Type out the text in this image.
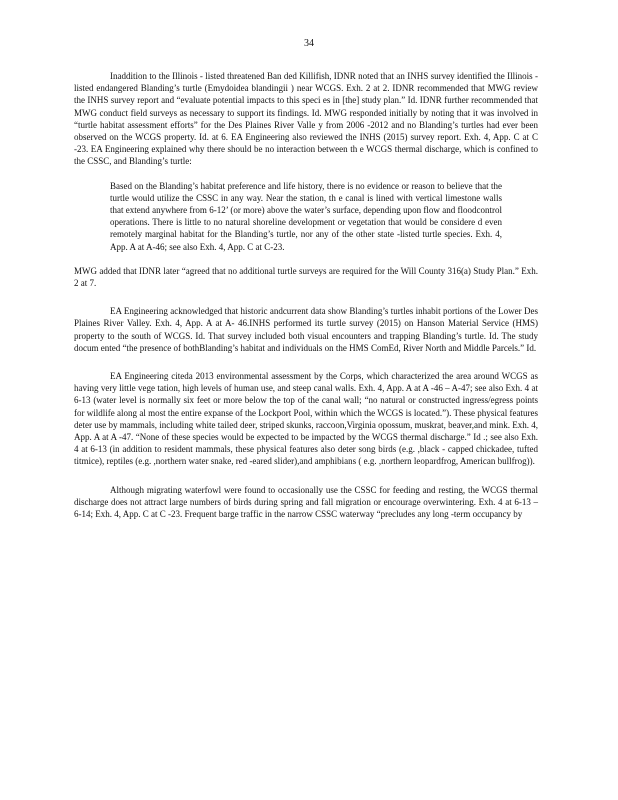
34

Inaddition to the Illinois - listed threatened Ban ded Killifish, IDNR noted that an INHS survey identified the Illinois -listed endangered Blanding’s turtle (Emydoidea blandingii ) near WCGS. Exh. 2 at 2. IDNR recommended that MWG review the INHS survey report and “evaluate potential impacts to this speci es in [the] study plan.” Id. IDNR further recommended that MWG conduct field surveys as necessary to support its findings. Id. MWG responded initially by noting that it was involved in “turtle habitat assessment efforts” for the Des Plaines River Valle y from 2006 -2012 and no Blanding’s turtles had ever been observed on the WCGS property. Id. at 6. EA Engineering also reviewed the INHS (2015) survey report. Exh. 4, App. C at C -23. EA Engineering explained why there should be no interaction between th e WCGS thermal discharge, which is confined to the CSSC, and Blanding’s turtle:

Based on the Blanding’s habitat preference and life history, there is no evidence or reason to believe that the turtle would utilize the CSSC in any way. Near the station, th e canal is lined with vertical limestone walls that extend anywhere from 6-12’ (or more) above the water’s surface, depending upon flow and floodcontrol operations. There is little to no natural shoreline development or vegetation that would be considere d even remotely marginal habitat for the Blanding’s turtle, nor any of the other state -listed turtle species. Exh. 4, App. A at A-46; see also Exh. 4, App. C at C-23.

MWG added that IDNR later “agreed that no additional turtle surveys are required for the Will County 316(a) Study Plan.” Exh. 2 at 7.

EA Engineering acknowledged that historic andcurrent data show Blanding’s turtles inhabit portions of the Lower Des Plaines River Valley. Exh. 4, App. A at A- 46.INHS performed its turtle survey (2015) on Hanson Material Service (HMS) property to the south of WCGS. Id. That survey included both visual encounters and trapping Blanding’s turtle. Id. The study docum ented “the presence of bothBlanding’s habitat and individuals on the HMS ComEd, River North and Middle Parcels.” Id.

EA Engineering citeda 2013 environmental assessment by the Corps, which characterized the area around WCGS as having very little vege tation, high levels of human use, and steep canal walls. Exh. 4, App. A at A -46 – A-47; see also Exh. 4 at 6-13 (water level is normally six feet or more below the top of the canal wall; “no natural or constructed ingress/egress points for wildlife along al most the entire expanse of the Lockport Pool, within which the WCGS is located.”). These physical features deter use by mammals, including white tailed deer, striped skunks, raccoon,Virginia opossum, muskrat, beaver,and mink. Exh. 4, App. A at A -47. “None of these species would be expected to be impacted by the WCGS thermal discharge.” Id .; see also Exh. 4 at 6-13 (in addition to resident mammals, these physical features also deter song birds (e.g. ,black - capped chickadee, tufted titmice), reptiles (e.g. ,northern water snake, red -eared slider),and amphibians ( e.g. ,northern leopardfrog, American bullfrog)).

Although migrating waterfowl were found to occasionally use the CSSC for feeding and resting, the WCGS thermal discharge does not attract large numbers of birds during spring and fall migration or encourage overwintering. Exh. 4 at 6-13 – 6-14; Exh. 4, App. C at C -23. Frequent barge traffic in the narrow CSSC waterway “precludes any long -term occupancy by
